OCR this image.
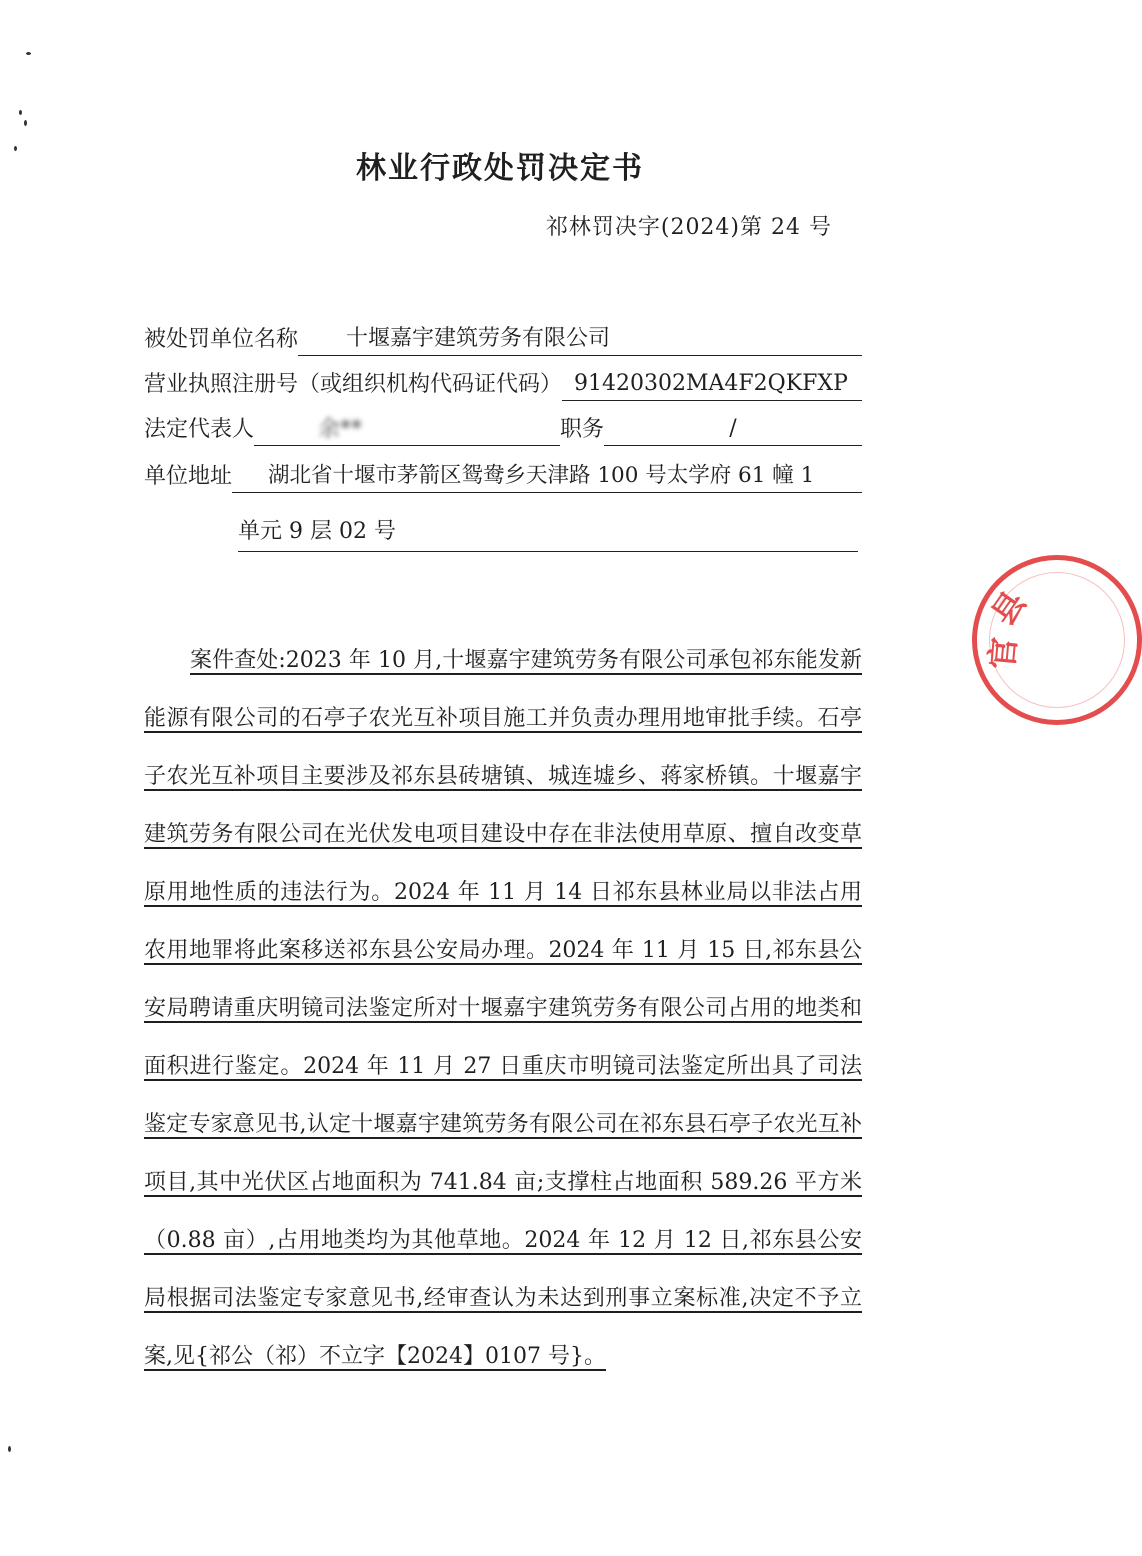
林业行政处罚决定书
祁林罚决字(2024)第 24 号
被处罚单位名称	十堰嘉宇建筑劳务有限公司
营业执照注册号（或组织机构代码证代码） 91420302MA4F2QKFXP
法定代表人	余**	职务	/
单位地址	湖北省十堰市茅箭区鸳鸯乡天津路 100 号太学府 61 幢 1
单元 9 层 02 号
案件查处:2023 年 10 月,十堰嘉宇建筑劳务有限公司承包祁东能发新能源有限公司的石亭子农光互补项目施工并负责办理用地审批手续。石亭子农光互补项目主要涉及祁东县砖塘镇、城连墟乡、蒋家桥镇。十堰嘉宇建筑劳务有限公司在光伏发电项目建设中存在非法使用草原、擅自改变草原用地性质的违法行为。2024 年 11 月 14 日祁东县林业局以非法占用农用地罪将此案移送祁东县公安局办理。2024 年 11 月 15 日,祁东县公安局聘请重庆明镜司法鉴定所对十堰嘉宇建筑劳务有限公司占用的地类和面积进行鉴定。2024 年 11 月 27 日重庆市明镜司法鉴定所出具了司法鉴定专家意见书,认定十堰嘉宇建筑劳务有限公司在祁东县石亭子农光互补项目,其中光伏区占地面积为 741.84 亩;支撑柱占地面积 589.26 平方米（0.88 亩）,占用地类均为其他草地。2024 年 12 月 12 日,祁东县公安局根据司法鉴定专家意见书,经审查认为未达到刑事立案标准,决定不予立案,见{祁公（祁）不立字【2024】0107 号}。
县
官
